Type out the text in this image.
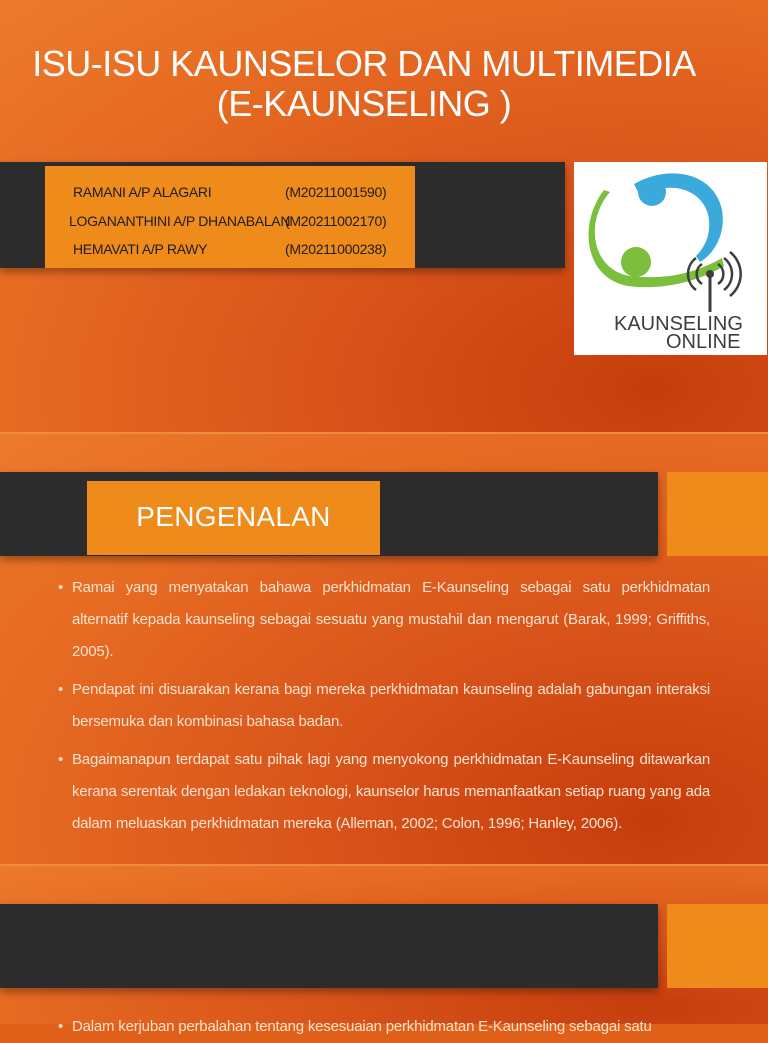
ISU-ISU KAUNSELOR DAN MULTIMEDIA
(E-KAUNSELING )
RAMANI A/P ALAGARI	(M20211001590)
LOGANANTHINI A/P DHANABALAN
(M20211002170)
HEMAVATI A/P RAWY	(M20211000238)
KAUNSELING
ONLINE
PENGENALAN
• Ramai yang menyatakan bahawa perkhidmatan E-Kaunseling sebagai satu perkhidmatan alternatif kepada kaunseling sebagai sesuatu yang mustahil dan mengarut (Barak, 1999; Griffiths, 2005).
• Pendapat ini disuarakan kerana bagi mereka perkhidmatan kaunseling adalah gabungan interaksi bersemuka dan kombinasi bahasa badan.
• Bagaimanapun terdapat satu pihak lagi yang menyokong perkhidmatan E-Kaunseling ditawarkan kerana serentak dengan ledakan teknologi, kaunselor harus memanfaatkan setiap ruang yang ada dalam meluaskan perkhidmatan mereka (Alleman, 2002; Colon, 1996; Hanley, 2006).
• Dalam kerjuban perbalahan tentang kesesuaian perkhidmatan E-Kaunseling sebagai satu
